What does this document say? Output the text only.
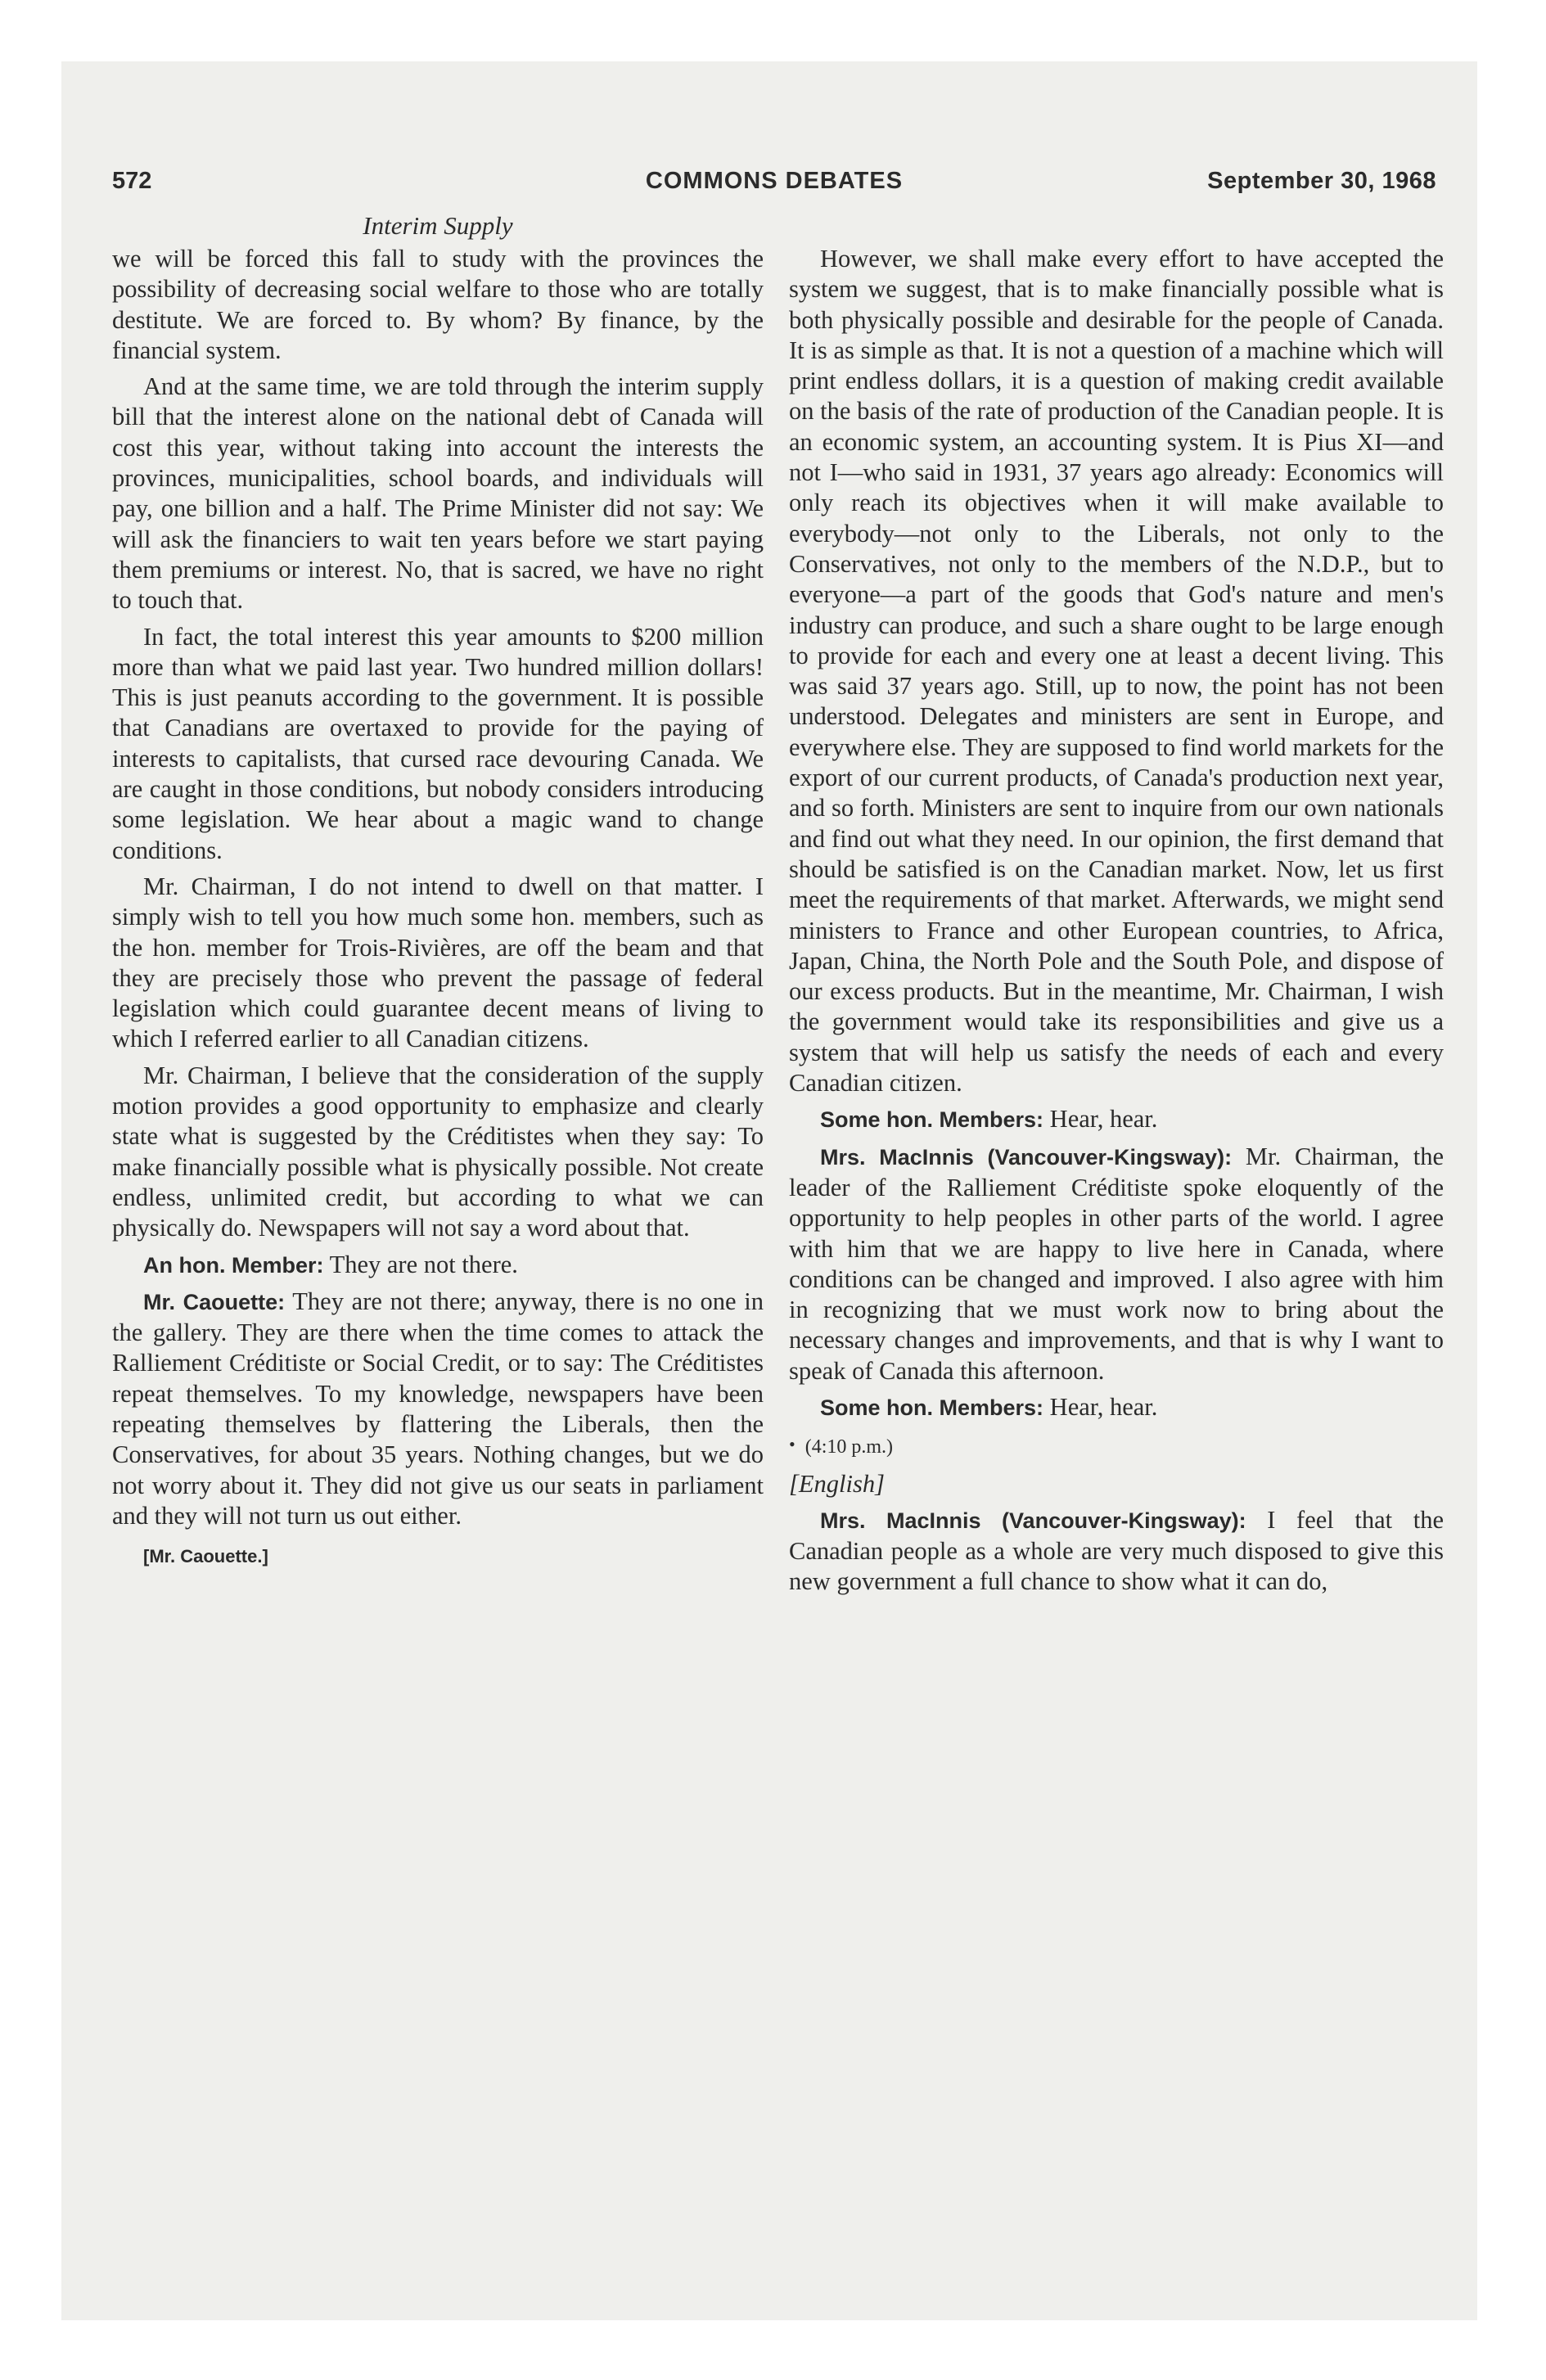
572	COMMONS DEBATES	September 30, 1968
Interim Supply

we will be forced this fall to study with the provinces the possibility of decreasing social welfare to those who are totally destitute. We are forced to. By whom? By finance, by the financial system.

And at the same time, we are told through the interim supply bill that the interest alone on the national debt of Canada will cost this year, without taking into account the interests the provinces, municipalities, school boards, and individuals will pay, one billion and a half. The Prime Minister did not say: We will ask the financiers to wait ten years before we start paying them premiums or interest. No, that is sacred, we have no right to touch that.

In fact, the total interest this year amounts to $200 million more than what we paid last year. Two hundred million dollars! This is just peanuts according to the government. It is possible that Canadians are overtaxed to provide for the paying of interests to capitalists, that cursed race devouring Canada. We are caught in those conditions, but nobody considers introducing some legislation. We hear about a magic wand to change conditions.

Mr. Chairman, I do not intend to dwell on that matter. I simply wish to tell you how much some hon. members, such as the hon. member for Trois-Rivières, are off the beam and that they are precisely those who prevent the passage of federal legislation which could guarantee decent means of living to which I referred earlier to all Canadian citizens.

Mr. Chairman, I believe that the consideration of the supply motion provides a good opportunity to emphasize and clearly state what is suggested by the Créditistes when they say: To make financially possible what is physically possible. Not create endless, unlimited credit, but according to what we can physically do. Newspapers will not say a word about that.

An hon. Member: They are not there.

Mr. Caouette: They are not there; anyway, there is no one in the gallery. They are there when the time comes to attack the Ralliement Créditiste or Social Credit, or to say: The Créditistes repeat themselves. To my knowledge, newspapers have been repeating themselves by flattering the Liberals, then the Conservatives, for about 35 years. Nothing changes, but we do not worry about it. They did not give us our seats in parliament and they will not turn us out either.

[Mr. Caouette.]

However, we shall make every effort to have accepted the system we suggest, that is to make financially possible what is both physically possible and desirable for the people of Canada. It is as simple as that. It is not a question of a machine which will print endless dollars, it is a question of making credit available on the basis of the rate of production of the Canadian people. It is an economic system, an accounting system. It is Pius XI—and not I—who said in 1931, 37 years ago already: Economics will only reach its objectives when it will make available to everybody—not only to the Liberals, not only to the Conservatives, not only to the members of the N.D.P., but to everyone—a part of the goods that God's nature and men's industry can produce, and such a share ought to be large enough to provide for each and every one at least a decent living. This was said 37 years ago. Still, up to now, the point has not been understood. Delegates and ministers are sent in Europe, and everywhere else. They are supposed to find world markets for the export of our current products, of Canada's production next year, and so forth. Ministers are sent to inquire from our own nationals and find out what they need. In our opinion, the first demand that should be satisfied is on the Canadian market. Now, let us first meet the requirements of that market. Afterwards, we might send ministers to France and other European countries, to Africa, Japan, China, the North Pole and the South Pole, and dispose of our excess products. But in the meantime, Mr. Chairman, I wish the government would take its responsibilities and give us a system that will help us satisfy the needs of each and every Canadian citizen.

Some hon. Members: Hear, hear.

Mrs. MacInnis (Vancouver-Kingsway): Mr. Chairman, the leader of the Ralliement Créditiste spoke eloquently of the opportunity to help peoples in other parts of the world. I agree with him that we are happy to live here in Canada, where conditions can be changed and improved. I also agree with him in recognizing that we must work now to bring about the necessary changes and improvements, and that is why I want to speak of Canada this afternoon.

Some hon. Members: Hear, hear.

• (4:10 p.m.)

[English]

Mrs. MacInnis (Vancouver-Kingsway): I feel that the Canadian people as a whole are very much disposed to give this new government a full chance to show what it can do,
